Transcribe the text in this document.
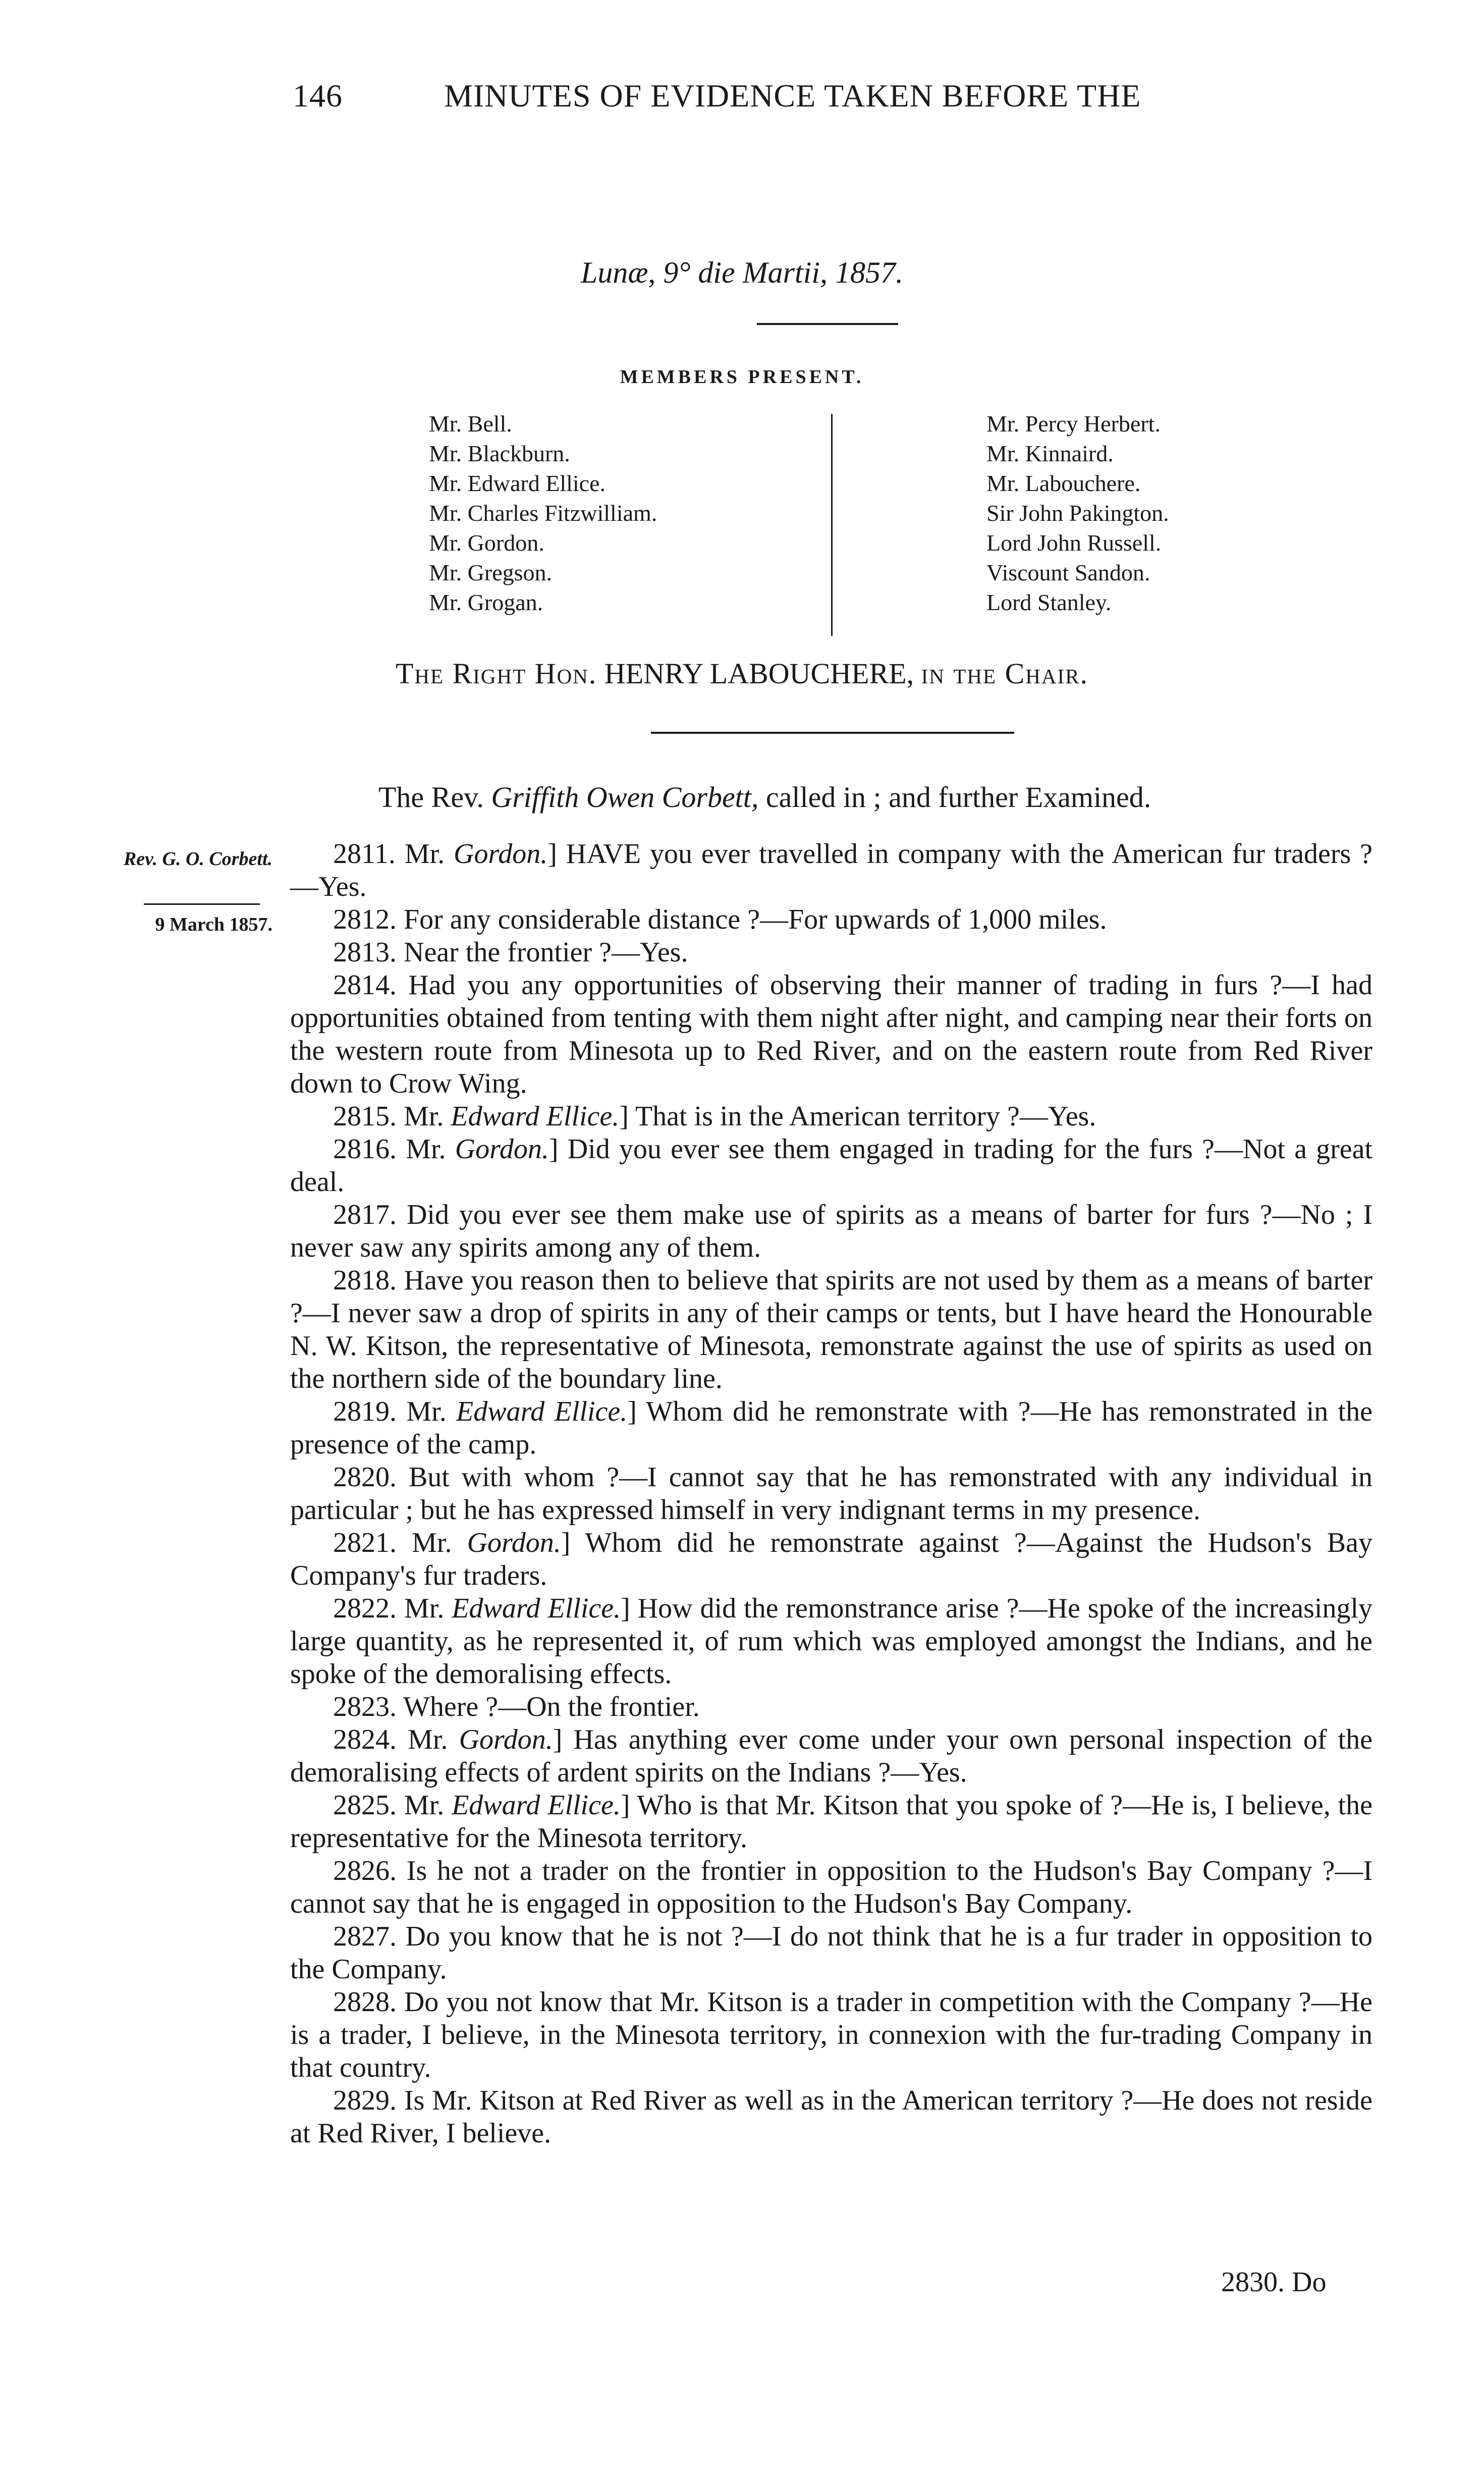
146	MINUTES OF EVIDENCE TAKEN BEFORE THE
Lunæ, 9° die Martii, 1857.
MEMBERS PRESENT.
Mr. Bell.
Mr. Blackburn.
Mr. Edward Ellice.
Mr. Charles Fitzwilliam.
Mr. Gordon.
Mr. Gregson.
Mr. Grogan.
Mr. Percy Herbert.
Mr. Kinnaird.
Mr. Labouchere.
Sir John Pakington.
Lord John Russell.
Viscount Sandon.
Lord Stanley.
The Right Hon. HENRY LABOUCHERE, in the Chair.
The Rev. Griffith Owen Corbett, called in ; and further Examined.
Rev. G. O. Corbett.
9 March 1857.

2811. Mr. Gordon.] HAVE you ever travelled in company with the American fur traders ?—Yes.

2812. For any considerable distance ?—For upwards of 1,000 miles.

2813. Near the frontier ?—Yes.

2814. Had you any opportunities of observing their manner of trading in furs ?—I had opportunities obtained from tenting with them night after night, and camping near their forts on the western route from Minesota up to Red River, and on the eastern route from Red River down to Crow Wing.

2815. Mr. Edward Ellice.] That is in the American territory ?—Yes.

2816. Mr. Gordon.] Did you ever see them engaged in trading for the furs ?—Not a great deal.

2817. Did you ever see them make use of spirits as a means of barter for furs ?—No ; I never saw any spirits among any of them.

2818. Have you reason then to believe that spirits are not used by them as a means of barter ?—I never saw a drop of spirits in any of their camps or tents, but I have heard the Honourable N. W. Kitson, the representative of Minesota, remonstrate against the use of spirits as used on the northern side of the boundary line.

2819. Mr. Edward Ellice.] Whom did he remonstrate with ?—He has remonstrated in the presence of the camp.

2820. But with whom ?—I cannot say that he has remonstrated with any individual in particular ; but he has expressed himself in very indignant terms in my presence.

2821. Mr. Gordon.] Whom did he remonstrate against ?—Against the Hudson's Bay Company's fur traders.

2822. Mr. Edward Ellice.] How did the remonstrance arise ?—He spoke of the increasingly large quantity, as he represented it, of rum which was employed amongst the Indians, and he spoke of the demoralising effects.

2823. Where ?—On the frontier.

2824. Mr. Gordon.] Has anything ever come under your own personal inspection of the demoralising effects of ardent spirits on the Indians ?—Yes.

2825. Mr. Edward Ellice.] Who is that Mr. Kitson that you spoke of ?—He is, I believe, the representative for the Minesota territory.

2826. Is he not a trader on the frontier in opposition to the Hudson's Bay Company ?—I cannot say that he is engaged in opposition to the Hudson's Bay Company.

2827. Do you know that he is not ?—I do not think that he is a fur trader in opposition to the Company.

2828. Do you not know that Mr. Kitson is a trader in competition with the Company ?—He is a trader, I believe, in the Minesota territory, in connexion with the fur-trading Company in that country.

2829. Is Mr. Kitson at Red River as well as in the American territory ?—He does not reside at Red River, I believe.

2830. Do
